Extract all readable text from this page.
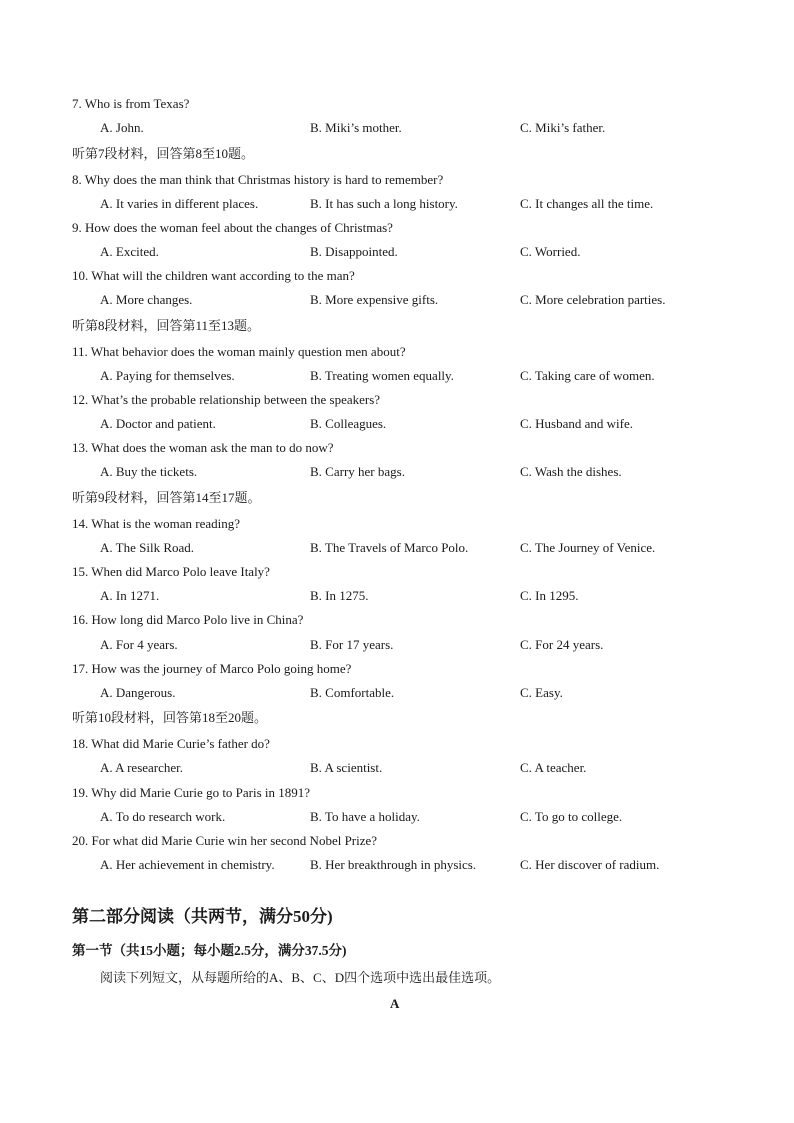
7. Who is from Texas?
A. John.	B. Miki’s mother.	C. Miki’s father.
听第7段材料，回答第8至10题。
8. Why does the man think that Christmas history is hard to remember?
A. It varies in different places.	B. It has such a long history.	C. It changes all the time.
9. How does the woman feel about the changes of Christmas?
A. Excited.	B. Disappointed.	C. Worried.
10. What will the children want according to the man?
A. More changes.	B. More expensive gifts.	C. More celebration parties.
听第8段材料，回答第11至13题。
11. What behavior does the woman mainly question men about?
A. Paying for themselves.	B. Treating women equally.	C. Taking care of women.
12. What’s the probable relationship between the speakers?
A. Doctor and patient.	B. Colleagues.	C. Husband and wife.
13. What does the woman ask the man to do now?
A. Buy the tickets.	B. Carry her bags.	C. Wash the dishes.
听第9段材料，回答第14至17题。
14. What is the woman reading?
A. The Silk Road.	B. The Travels of Marco Polo.	C. The Journey of Venice.
15. When did Marco Polo leave Italy?
A. In 1271.	B. In 1275.	C. In 1295.
16. How long did Marco Polo live in China?
A. For 4 years.	B. For 17 years.	C. For 24 years.
17. How was the journey of Marco Polo going home?
A. Dangerous.	B. Comfortable.	C. Easy.
听第10段材料，回答第18至20题。
18. What did Marie Curie’s father do?
A. A researcher.	B. A scientist.	C. A teacher.
19. Why did Marie Curie go to Paris in 1891?
A. To do research work.	B. To have a holiday.	C. To go to college.
20. For what did Marie Curie win her second Nobel Prize?
A. Her achievement in chemistry.	B. Her breakthrough in physics.	C. Her discover of radium.
第二部分阅读（共两节，满分50分)
第一节（共15小题；每小题2.5分，满分37.5分)
阅读下列短文，从每题所给的A、B、C、D四个选项中选出最佳选项。
A
